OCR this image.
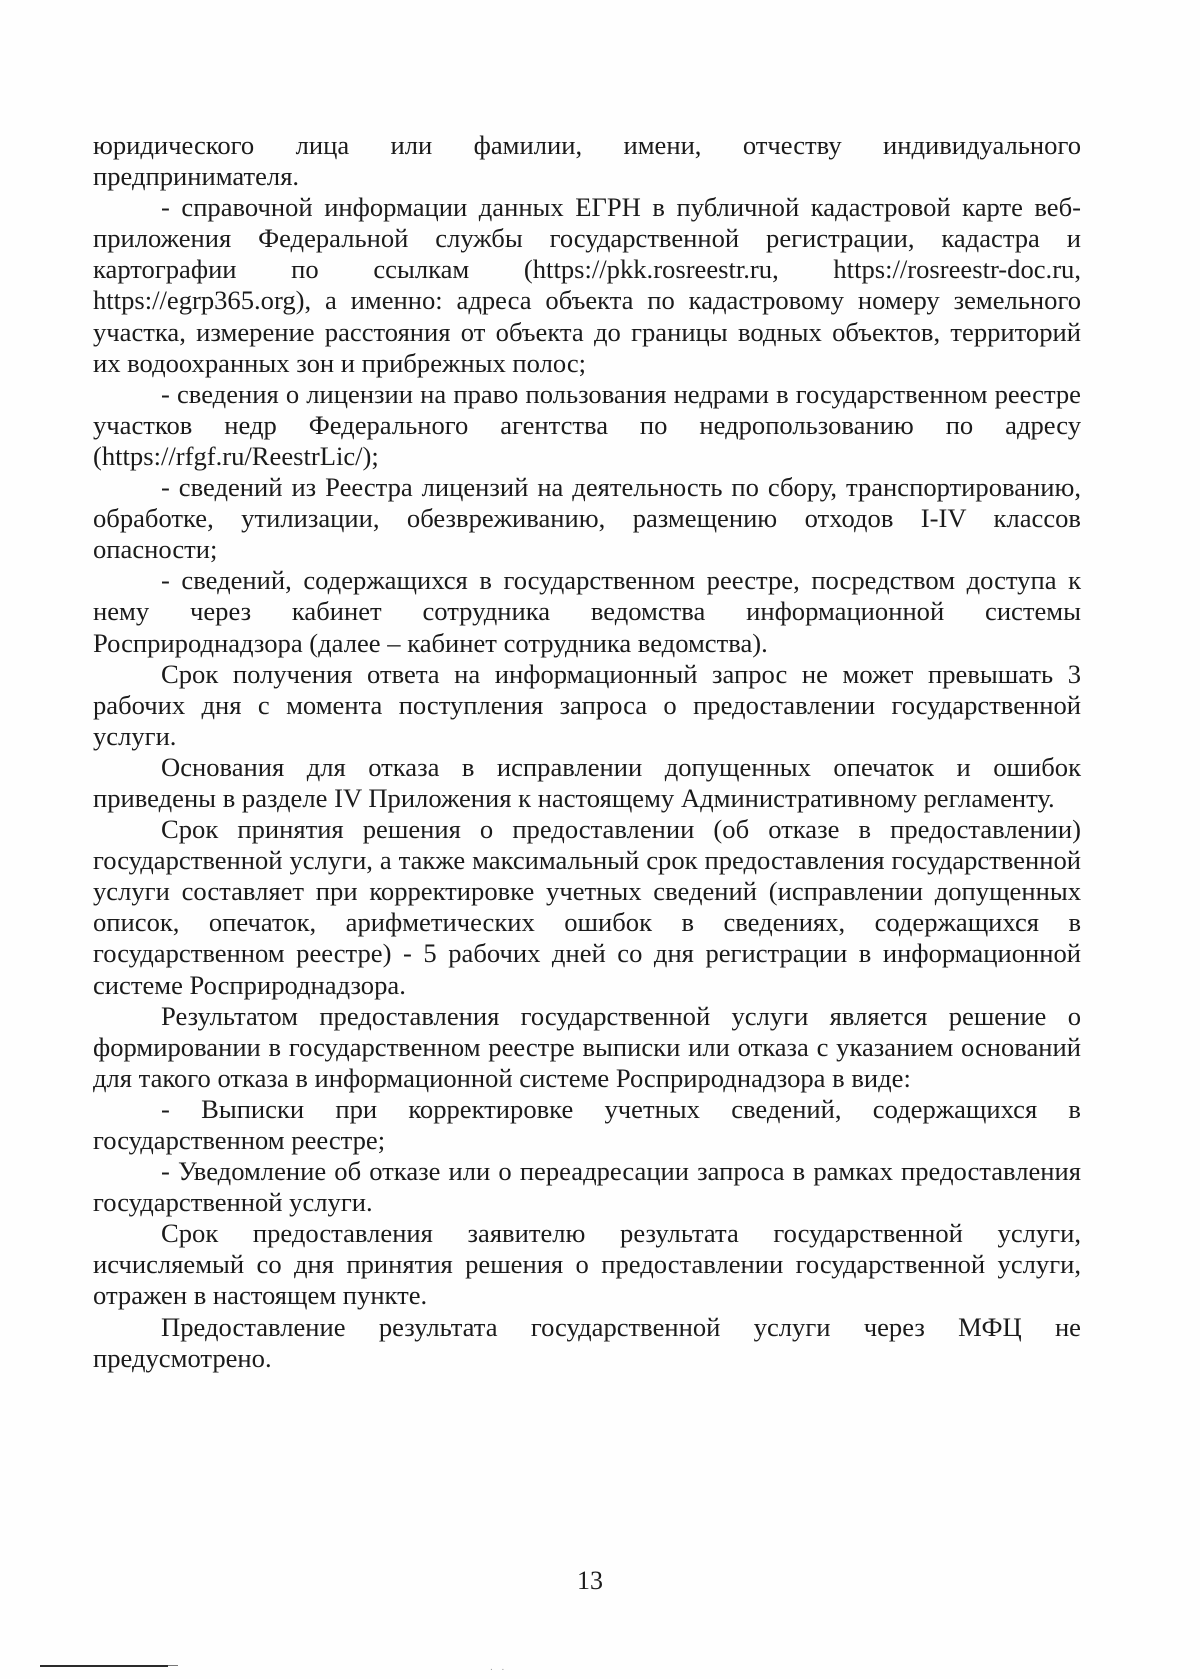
юридического лица или фамилии, имени, отчеству индивидуального предпринимателя.

- справочной информации данных ЕГРН в публичной кадастровой карте веб-приложения Федеральной службы государственной регистрации, кадастра и картографии по ссылкам (https://pkk.rosreestr.ru, https://rosreestr-doc.ru, https://egrp365.org), а именно: адреса объекта по кадастровому номеру земельного участка, измерение расстояния от объекта до границы водных объектов, территорий их водоохранных зон и прибрежных полос;

- сведения о лицензии на право пользования недрами в государственном реестре участков недр Федерального агентства по недропользованию по адресу (https://rfgf.ru/ReestrLic/);

- сведений из Реестра лицензий на деятельность по сбору, транспортированию, обработке, утилизации, обезвреживанию, размещению отходов I-IV классов опасности;

- сведений, содержащихся в государственном реестре, посредством доступа к нему через кабинет сотрудника ведомства информационной системы Росприроднадзора (далее – кабинет сотрудника ведомства).

Срок получения ответа на информационный запрос не может превышать 3 рабочих дня с момента поступления запроса о предоставлении государственной услуги.

Основания для отказа в исправлении допущенных опечаток и ошибок приведены в разделе IV Приложения к настоящему Административному регламенту.

Срок принятия решения о предоставлении (об отказе в предоставлении) государственной услуги, а также максимальный срок предоставления государственной услуги составляет при корректировке учетных сведений (исправлении допущенных описок, опечаток, арифметических ошибок в сведениях, содержащихся в государственном реестре) - 5 рабочих дней со дня регистрации в информационной системе Росприроднадзора.

Результатом предоставления государственной услуги является решение о формировании в государственном реестре выписки или отказа с указанием оснований для такого отказа в информационной системе Росприроднадзора в виде:

- Выписки при корректировке учетных сведений, содержащихся в государственном реестре;

- Уведомление об отказе или о переадресации запроса в рамках предоставления государственной услуги.

Срок предоставления заявителю результата государственной услуги, исчисляемый со дня принятия решения о предоставлении государственной услуги, отражен в настоящем пункте.

Предоставление результата государственной услуги через МФЦ не предусмотрено.

13
. .
